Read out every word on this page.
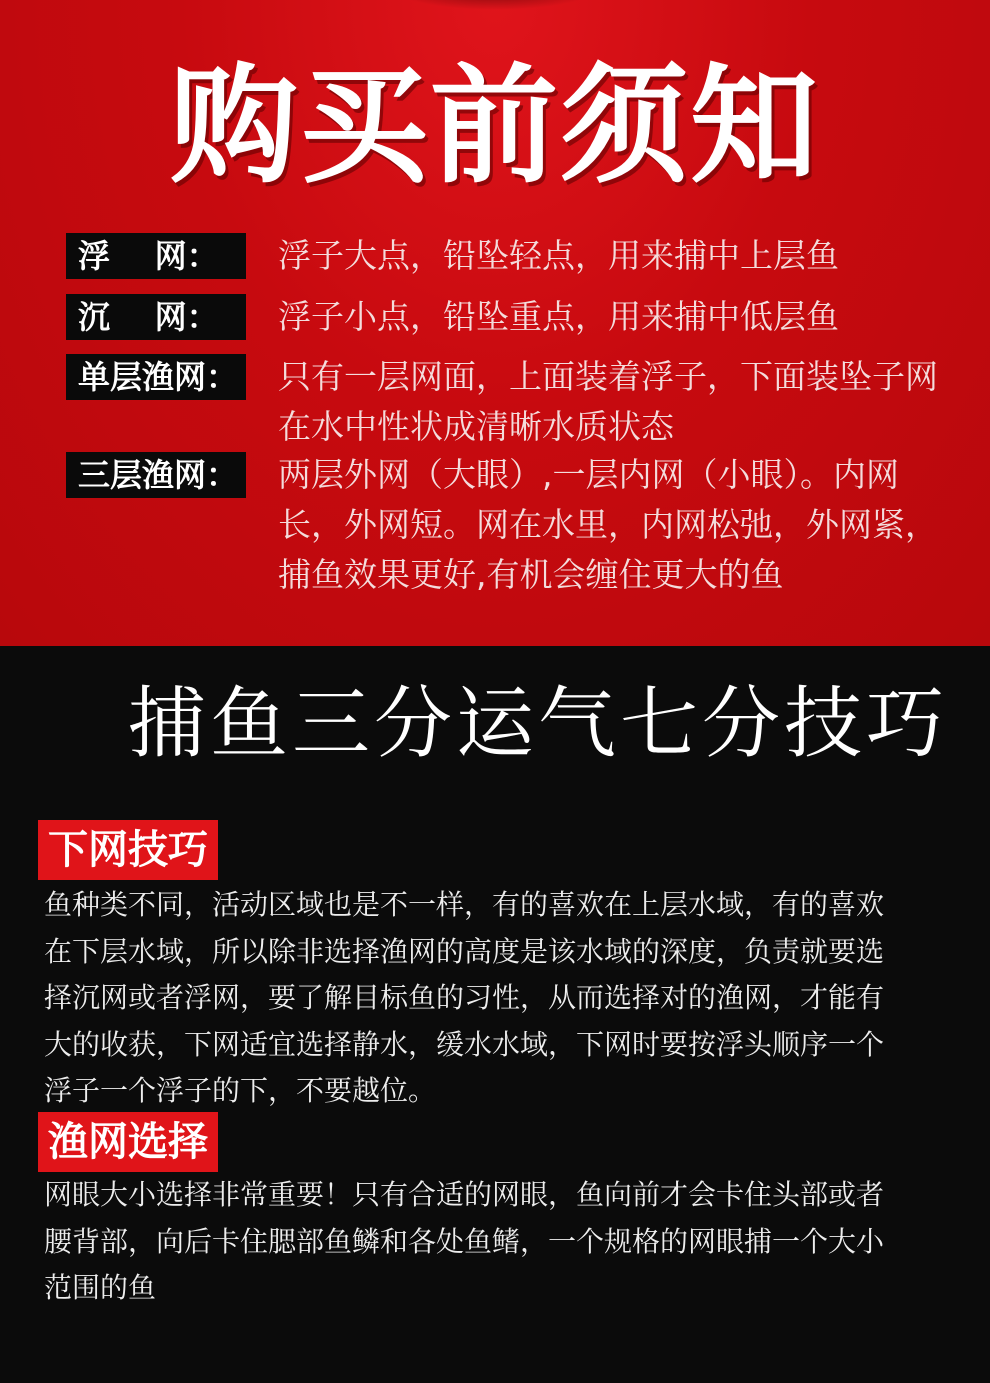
购买前须知
浮    网：	浮子大点，铅坠轻点，用来捕中上层鱼
沉    网：	浮子小点，铅坠重点，用来捕中低层鱼
单层渔网： 只有一层网面，上面装着浮子，下面装坠子网
在水中性状成清晰水质状态
三层渔网： 两层外网（大眼）,一层内网（小眼）。内网
长，外网短。网在水里，内网松弛，外网紧，
捕鱼效果更好,有机会缠住更大的鱼
捕鱼三分运气七分技巧
下网技巧
鱼种类不同，活动区域也是不一样，有的喜欢在上层水域，有的喜欢
在下层水域，所以除非选择渔网的高度是该水域的深度，负责就要选
择沉网或者浮网，要了解目标鱼的习性，从而选择对的渔网，才能有
大的收获，下网适宜选择静水，缓水水域，下网时要按浮头顺序一个
浮子一个浮子的下，不要越位。
渔网选择
网眼大小选择非常重要！只有合适的网眼，鱼向前才会卡住头部或者
腰背部，向后卡住腮部鱼鳞和各处鱼鳍，一个规格的网眼捕一个大小
范围的鱼
